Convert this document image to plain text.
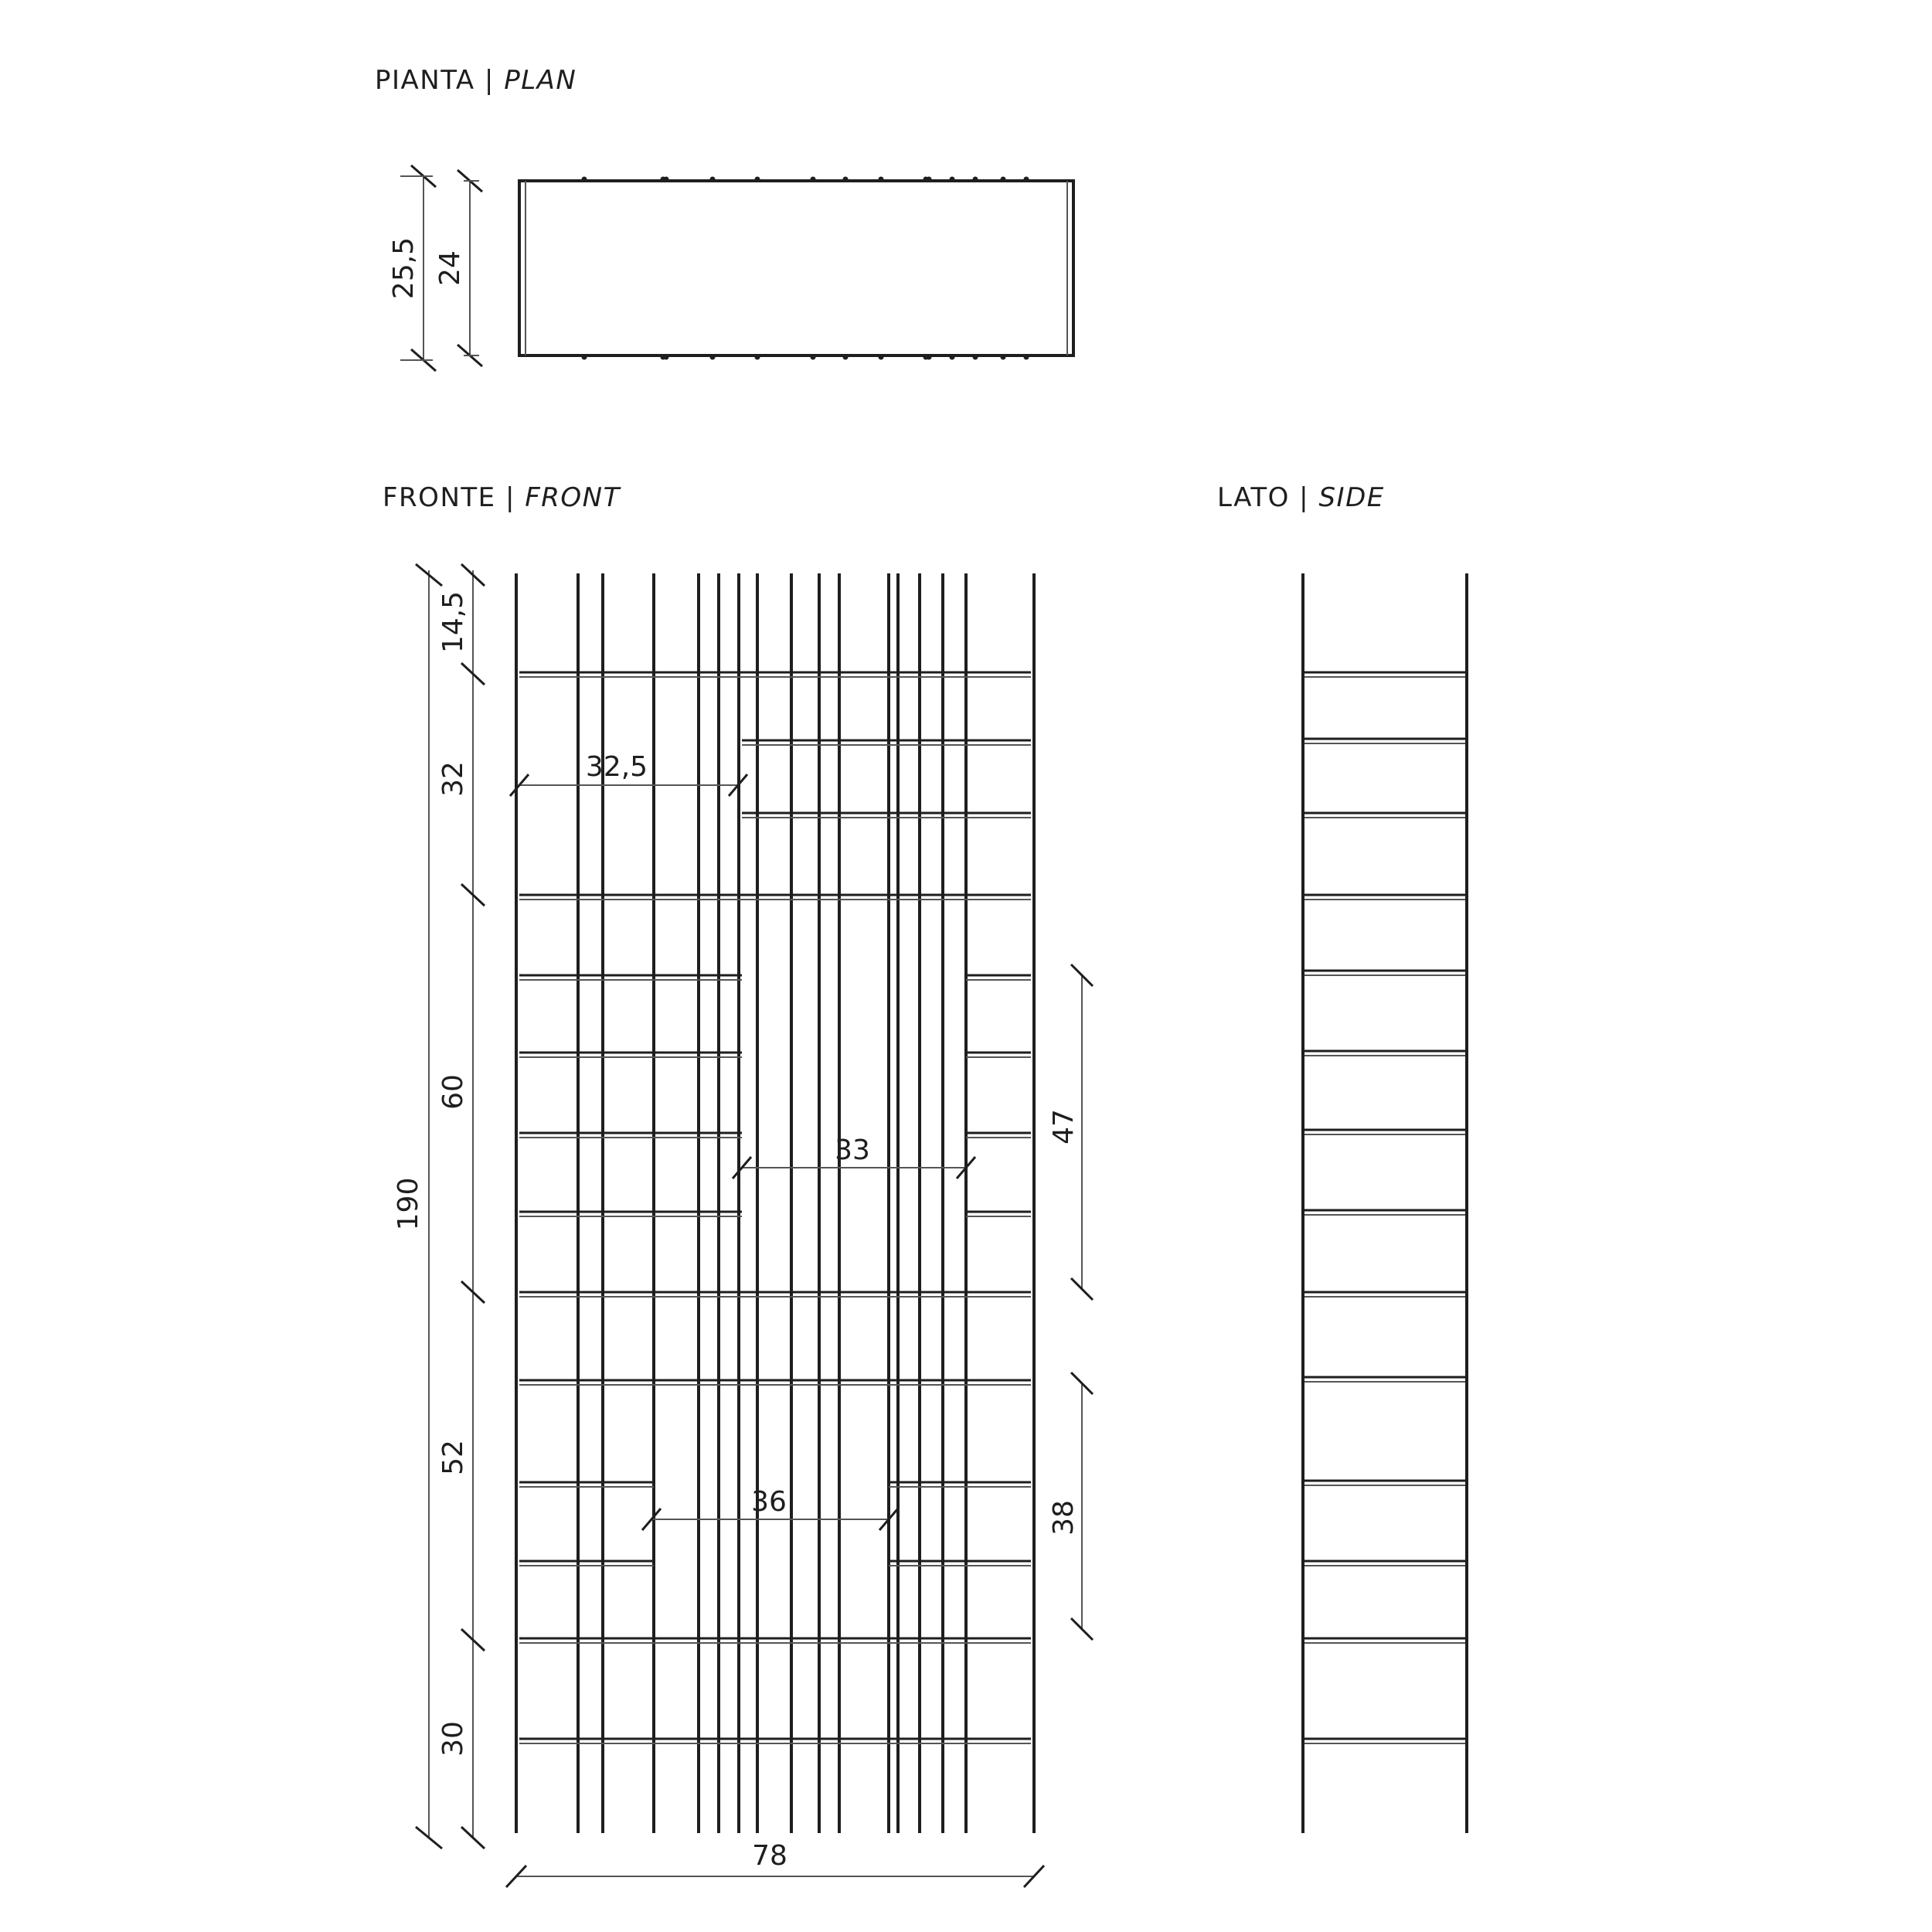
PIANTA | PLAN
FRONTE | FRONT	LATO | SIDE
25,5 24
14,5
32
60
52
30
190
78
32,5
33
36
47
38
